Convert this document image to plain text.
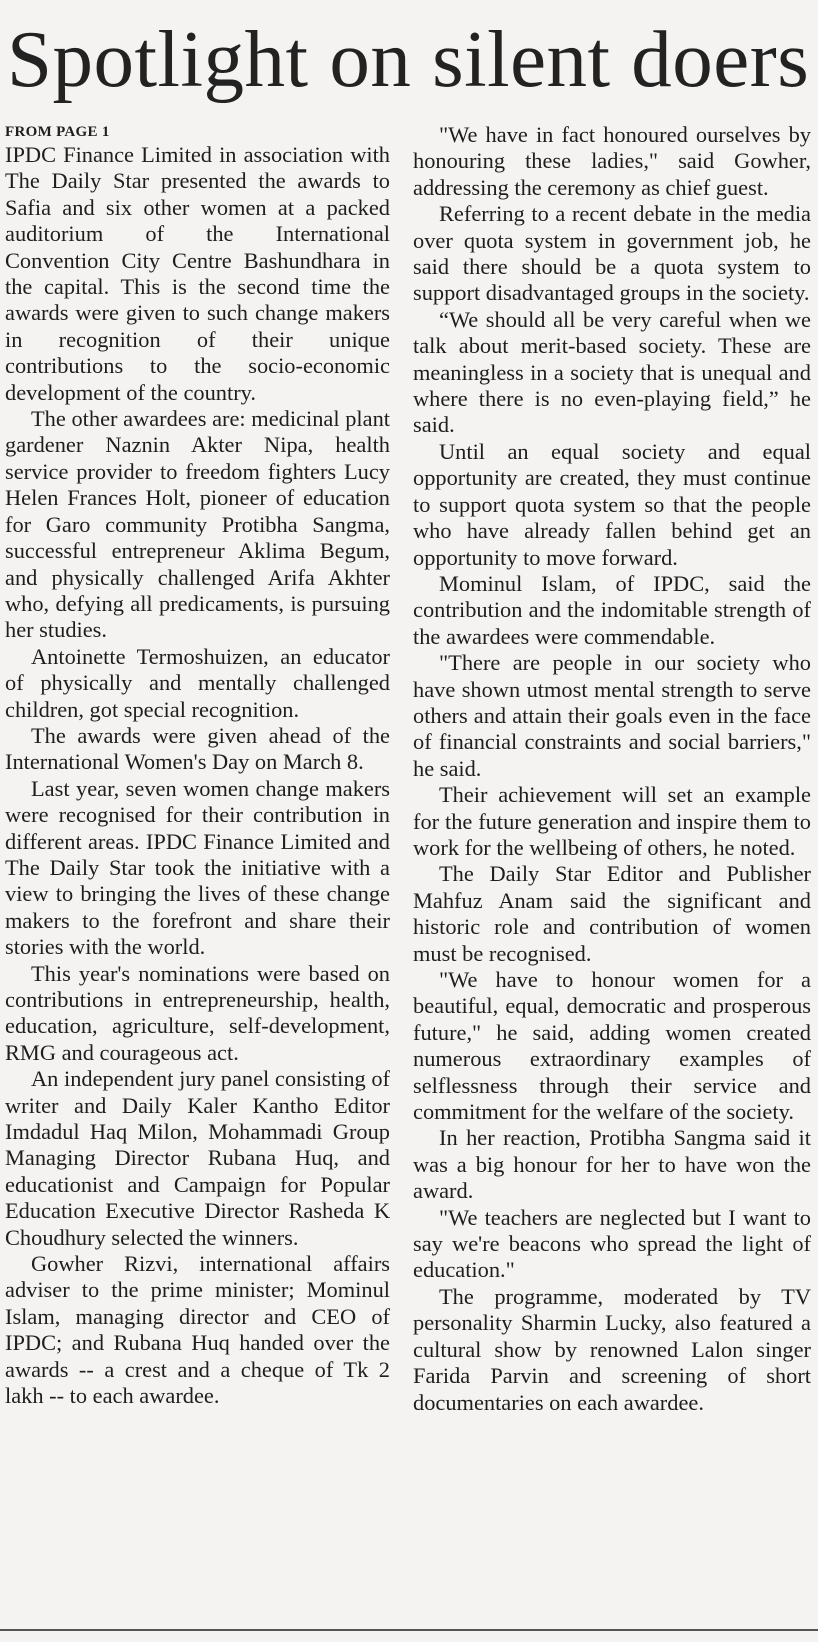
Spotlight on silent doers
FROM PAGE 1

IPDC Finance Limited in association with The Daily Star presented the awards to Safia and six other women at a packed auditorium of the International Convention City Centre Bashundhara in the capital. This is the second time the awards were given to such change makers in recognition of their unique contributions to the socio-economic development of the country.

The other awardees are: medicinal plant gardener Naznin Akter Nipa, health service provider to freedom fighters Lucy Helen Frances Holt, pioneer of education for Garo community Protibha Sangma, successful entrepreneur Aklima Begum, and physically challenged Arifa Akhter who, defying all predicaments, is pursuing her studies.

Antoinette Termoshuizen, an educator of physically and mentally challenged children, got special recognition.

The awards were given ahead of the International Women's Day on March 8.

Last year, seven women change makers were recognised for their contribution in different areas. IPDC Finance Limited and The Daily Star took the initiative with a view to bringing the lives of these change makers to the forefront and share their stories with the world.

This year's nominations were based on contributions in entrepreneurship, health, education, agriculture, self-development, RMG and courageous act.

An independent jury panel consisting of writer and Daily Kaler Kantho Editor Imdadul Haq Milon, Mohammadi Group Managing Director Rubana Huq, and educationist and Campaign for Popular Education Executive Director Rasheda K Choudhury selected the winners.

Gowher Rizvi, international affairs adviser to the prime minister; Mominul Islam, managing director and CEO of IPDC; and Rubana Huq handed over the awards -- a crest and a cheque of Tk 2 lakh -- to each awardee.

"We have in fact honoured ourselves by honouring these ladies," said Gowher, addressing the ceremony as chief guest.

Referring to a recent debate in the media over quota system in government job, he said there should be a quota system to support disadvantaged groups in the society.

“We should all be very careful when we talk about merit-based society. These are meaningless in a society that is unequal and where there is no even-playing field,” he said.

Until an equal society and equal opportunity are created, they must continue to support quota system so that the people who have already fallen behind get an opportunity to move forward.

Mominul Islam, of IPDC, said the contribution and the indomitable strength of the awardees were commendable.

"There are people in our society who have shown utmost mental strength to serve others and attain their goals even in the face of financial constraints and social barriers," he said.

Their achievement will set an example for the future generation and inspire them to work for the wellbeing of others, he noted.

The Daily Star Editor and Publisher Mahfuz Anam said the significant and historic role and contribution of women must be recognised.

"We have to honour women for a beautiful, equal, democratic and prosperous future," he said, adding women created numerous extraordinary examples of selflessness through their service and commitment for the welfare of the society.

In her reaction, Protibha Sangma said it was a big honour for her to have won the award.

"We teachers are neglected but I want to say we're beacons who spread the light of education."

The programme, moderated by TV personality Sharmin Lucky, also featured a cultural show by renowned Lalon singer Farida Parvin and screening of short documentaries on each awardee.
